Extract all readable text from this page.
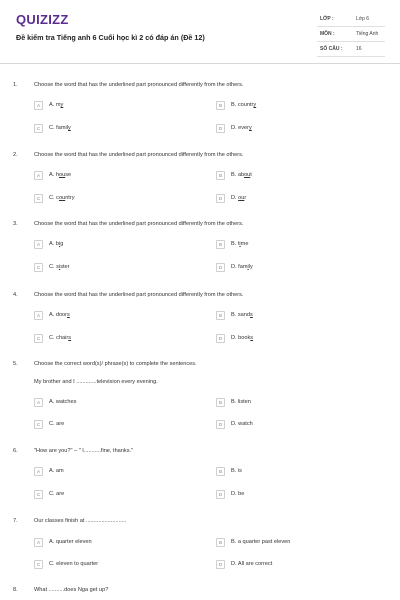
QUIZIZZ
Đề kiểm tra Tiếng anh 6 Cuối học kì 2 có đáp án (Đề 12)
LỚP :	Lớp 6
MÔN :	Tiếng Anh
SỐ CÂU :	16
1.	Choose the word that has the underlined part pronounced differently from the others.
A	A. my	B	B. country
C	C. family	D	D. every
2.	Choose the word that has the underlined part pronounced differently from the others.
A	A. house	B	B. about
C	C. country	D	D. our
3.	Choose the word that has the underlined part pronounced differently from the others.
A	A. big	B	B. time
C	C. sister	D	D. family
4.	Choose the word that has the underlined part pronounced differently from the others.
A	A. doors	B	B. sands
C	C. chairs	D	D. books
5.	Choose the correct word(s)/ phrase(s) to complete the sentences.
My brother and I .............television every evening.
A	A. watches	B	B. listen
C	C. are	D	D. watch
6.	"How are you?" – " I...........fine, thanks."
A	A. am	B	B. is
C	C. are	D	D. be
7.	Our classes finish at ..........................
A	A. quarter eleven	B	B. a quarter past eleven
C	C. eleven to quarter	D	D. All are correct
8.	What ..........does Nga get up?
